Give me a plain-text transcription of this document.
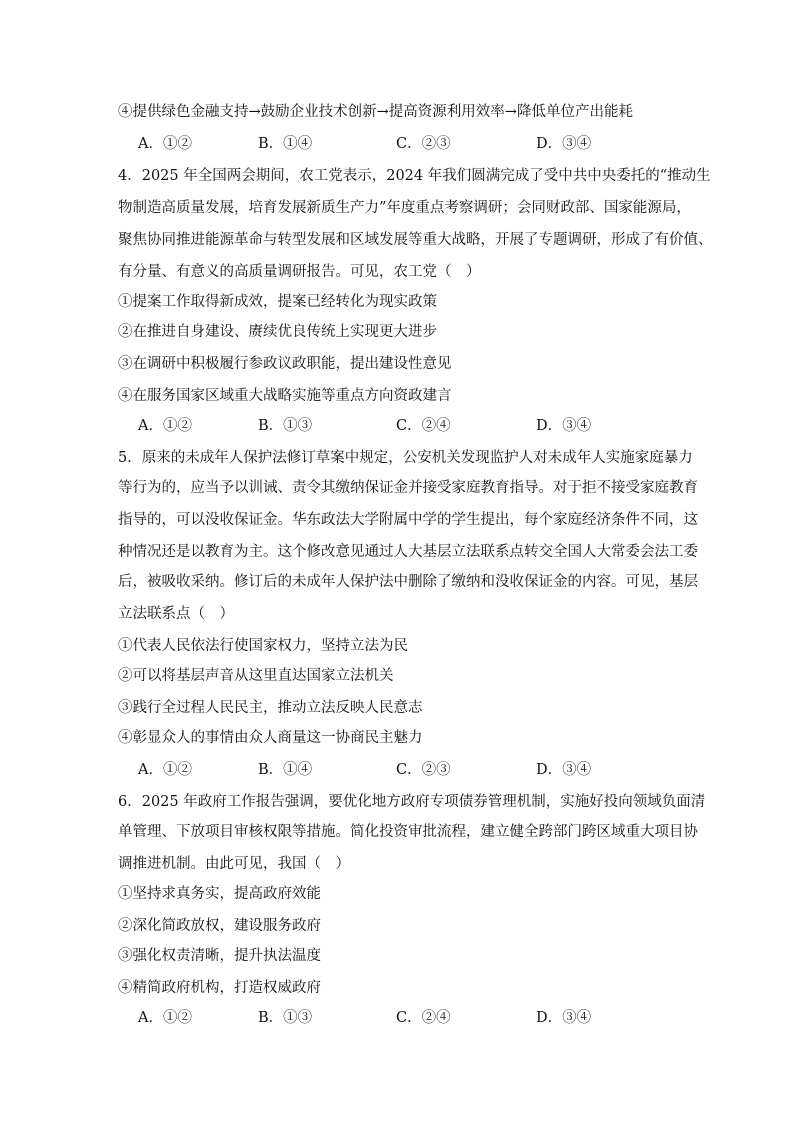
④提供绿色金融支持→鼓励企业技术创新→提高资源利用效率→降低单位产出能耗
A．①②	B．①④	C．②③	D．③④
4．2025 年全国两会期间，农工党表示，2024 年我们圆满完成了受中共中央委托的“推动生
物制造高质量发展，培育发展新质生产力”年度重点考察调研；会同财政部、国家能源局，
聚焦协同推进能源革命与转型发展和区域发展等重大战略，开展了专题调研，形成了有价值、
有分量、有意义的高质量调研报告。可见，农工党（　）
①提案工作取得新成效，提案已经转化为现实政策
②在推进自身建设、赓续优良传统上实现更大进步
③在调研中积极履行参政议政职能，提出建设性意见
④在服务国家区域重大战略实施等重点方向资政建言
A．①②	B．①③	C．②④	D．③④
5．原来的未成年人保护法修订草案中规定，公安机关发现监护人对未成年人实施家庭暴力
等行为的，应当予以训诫、责令其缴纳保证金并接受家庭教育指导。对于拒不接受家庭教育
指导的，可以没收保证金。华东政法大学附属中学的学生提出，每个家庭经济条件不同，这
种情况还是以教育为主。这个修改意见通过人大基层立法联系点转交全国人大常委会法工委
后，被吸收采纳。修订后的未成年人保护法中删除了缴纳和没收保证金的内容。可见，基层
立法联系点（　）
①代表人民依法行使国家权力，坚持立法为民
②可以将基层声音从这里直达国家立法机关
③践行全过程人民民主，推动立法反映人民意志
④彰显众人的事情由众人商量这一协商民主魅力
A．①②	B．①④	C．②③	D．③④
6．2025 年政府工作报告强调，要优化地方政府专项债券管理机制，实施好投向领域负面清
单管理、下放项目审核权限等措施。简化投资审批流程，建立健全跨部门跨区域重大项目协
调推进机制。由此可见，我国（　）
①坚持求真务实，提高政府效能
②深化简政放权，建设服务政府
③强化权责清晰，提升执法温度
④精简政府机构，打造权威政府
A．①②	B．①③	C．②④	D．③④
